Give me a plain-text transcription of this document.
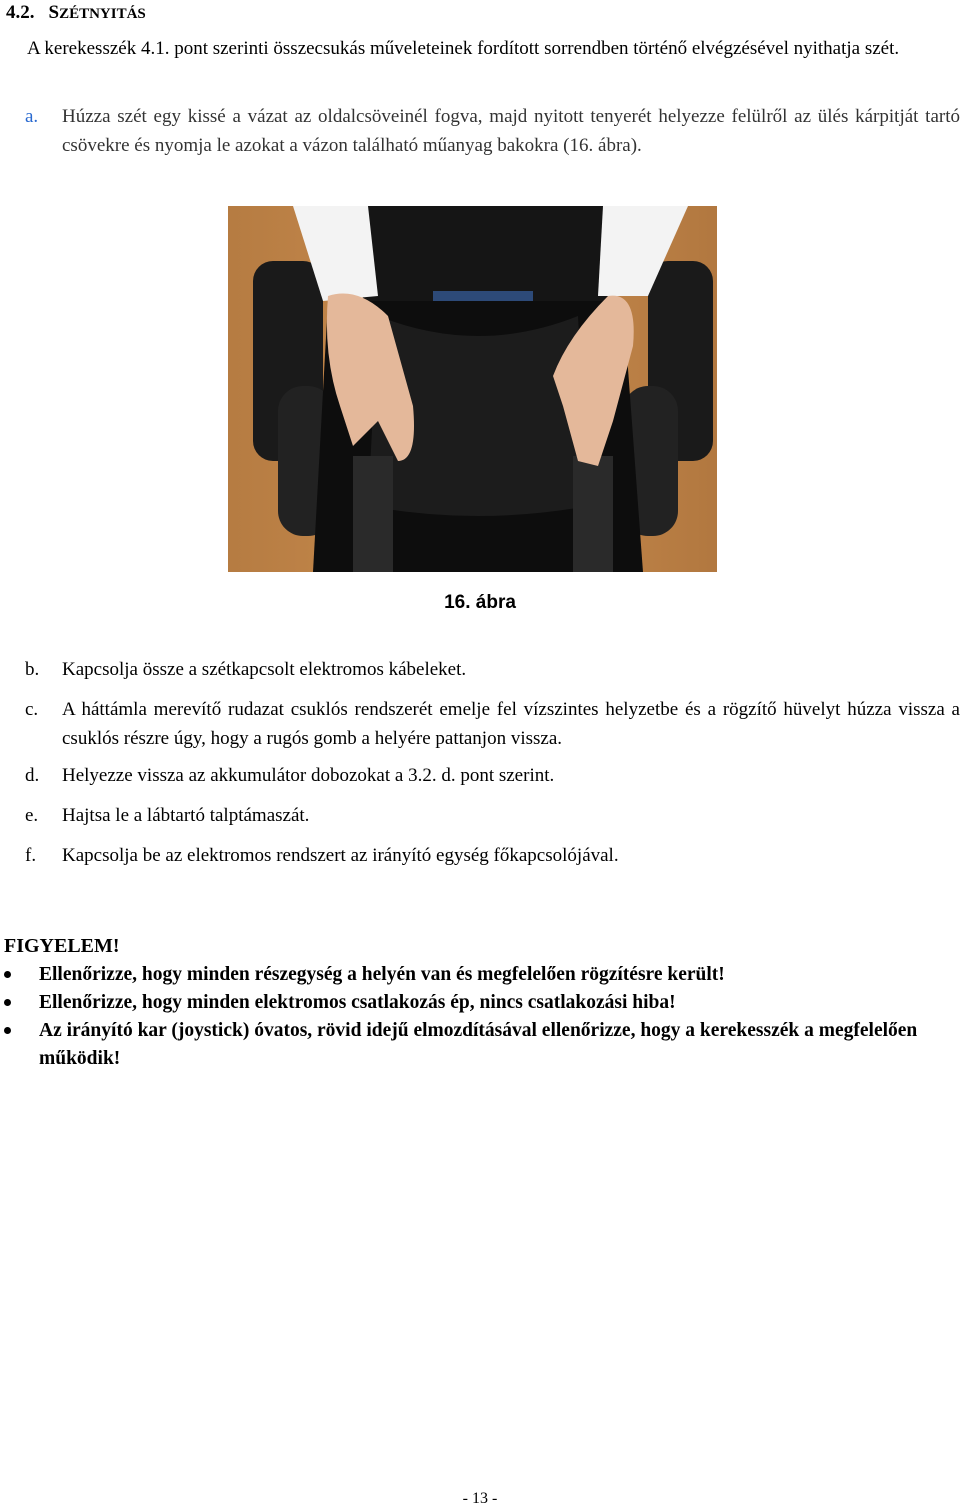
4.2. SZÉTNYITÁS

A kerekesszék 4.1. pont szerinti összecsukás műveleteinek fordított sorrendben történő elvégzésével nyithatja szét.

a. Húzza szét egy kissé a vázat az oldalcsöveinél fogva, majd nyitott tenyerét helyezze felülről az ülés kárpitját tartó csövekre és nyomja le azokat a vázon található műanyag bakokra (16. ábra).
16. ábra
b. Kapcsolja össze a szétkapcsolt elektromos kábeleket.
c. A háttámla merevítő rudazat csuklós rendszerét emelje fel vízszintes helyzetbe és a rögzítő hüvelyt húzza vissza a csuklós részre úgy, hogy a rugós gomb a helyére pattanjon vissza.
d. Helyezze vissza az akkumulátor dobozokat a 3.2. d. pont szerint.
e. Hajtsa le a lábtartó talptámaszát.
f. Kapcsolja be az elektromos rendszert az irányító egység főkapcsolójával.
FIGYELEM!
Ellenőrizze, hogy minden részegység a helyén van és megfelelően rögzítésre került!
Ellenőrizze, hogy minden elektromos csatlakozás ép, nincs csatlakozási hiba!
Az irányító kar (joystick) óvatos, rövid idejű elmozdításával ellenőrizze, hogy a kerekesszék a megfelelően működik!
- 13 -
